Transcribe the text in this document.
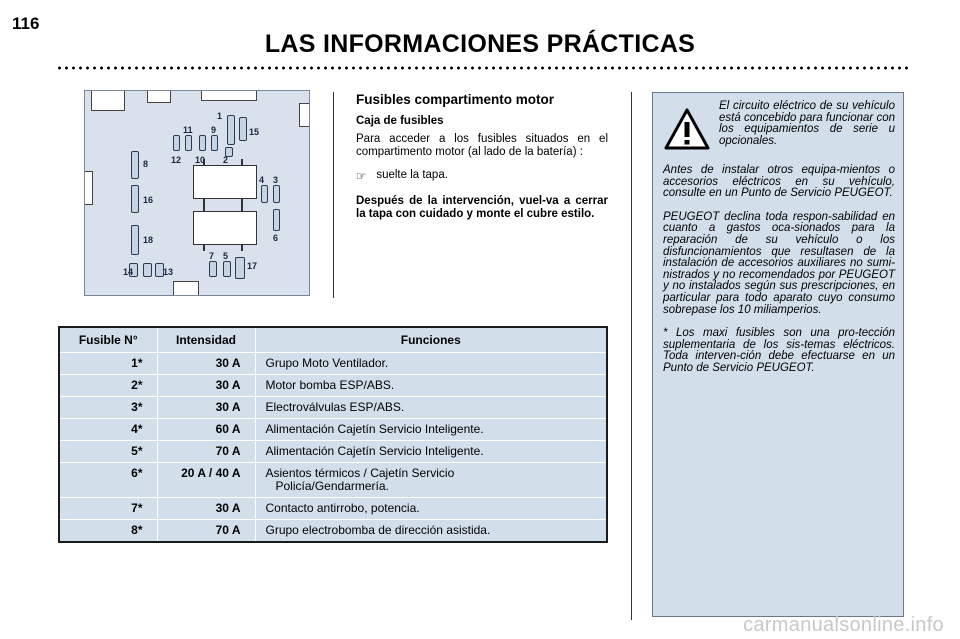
116
LAS INFORMACIONES PRÁCTICAS
1
11 9	15
12 10 2
8
4 3
16
6
18
7 5
17
14	13
Fusibles compartimento motor
Caja de fusibles

Para acceder a los fusibles situados en el compartimento motor (al lado de la batería) :

☞ suelte la tapa.

Después de la intervención, vuel-va a cerrar la tapa con cuidado y monte el cubre estilo.

Fusible N°	Intensidad	Funciones
1*	30 A	Grupo Moto Ventilador.
2*	30 A	Motor bomba ESP/ABS.
3*	30 A	Electroválvulas ESP/ABS.
4*	60 A	Alimentación Cajetín Servicio Inteligente.
5*	70 A	Alimentación Cajetín Servicio Inteligente.
6*	20 A / 40 A	Asientos térmicos / Cajetín Servicio
Policía/Gendarmería.

7*	30 A	Contacto antirrobo, potencia.
8*	70 A	Grupo electrobomba de dirección asistida.

El circuito eléctrico de su vehículo está concebido para funcionar con los equipamientos de serie u opcionales.

Antes de instalar otros equipa-mientos o accesorios eléctricos en su vehículo, consulte en un Punto de Servicio PEUGEOT.

PEUGEOT declina toda respon-sabilidad en cuanto a gastos oca-sionados para la reparación de su vehículo o los disfuncionamientos que resultasen de la instalación de accesorios auxiliares no sumi-nistrados y no recomendados por PEUGEOT y no instalados según sus prescripciones, en particular para todo aparato cuyo consumo sobrepase los 10 miliamperios.

* Los maxi fusibles son una pro-tección suplementaria de los sis-temas eléctricos. Toda interven-ción debe efectuarse en un Punto de Servicio PEUGEOT.

carmanualsonline.info
